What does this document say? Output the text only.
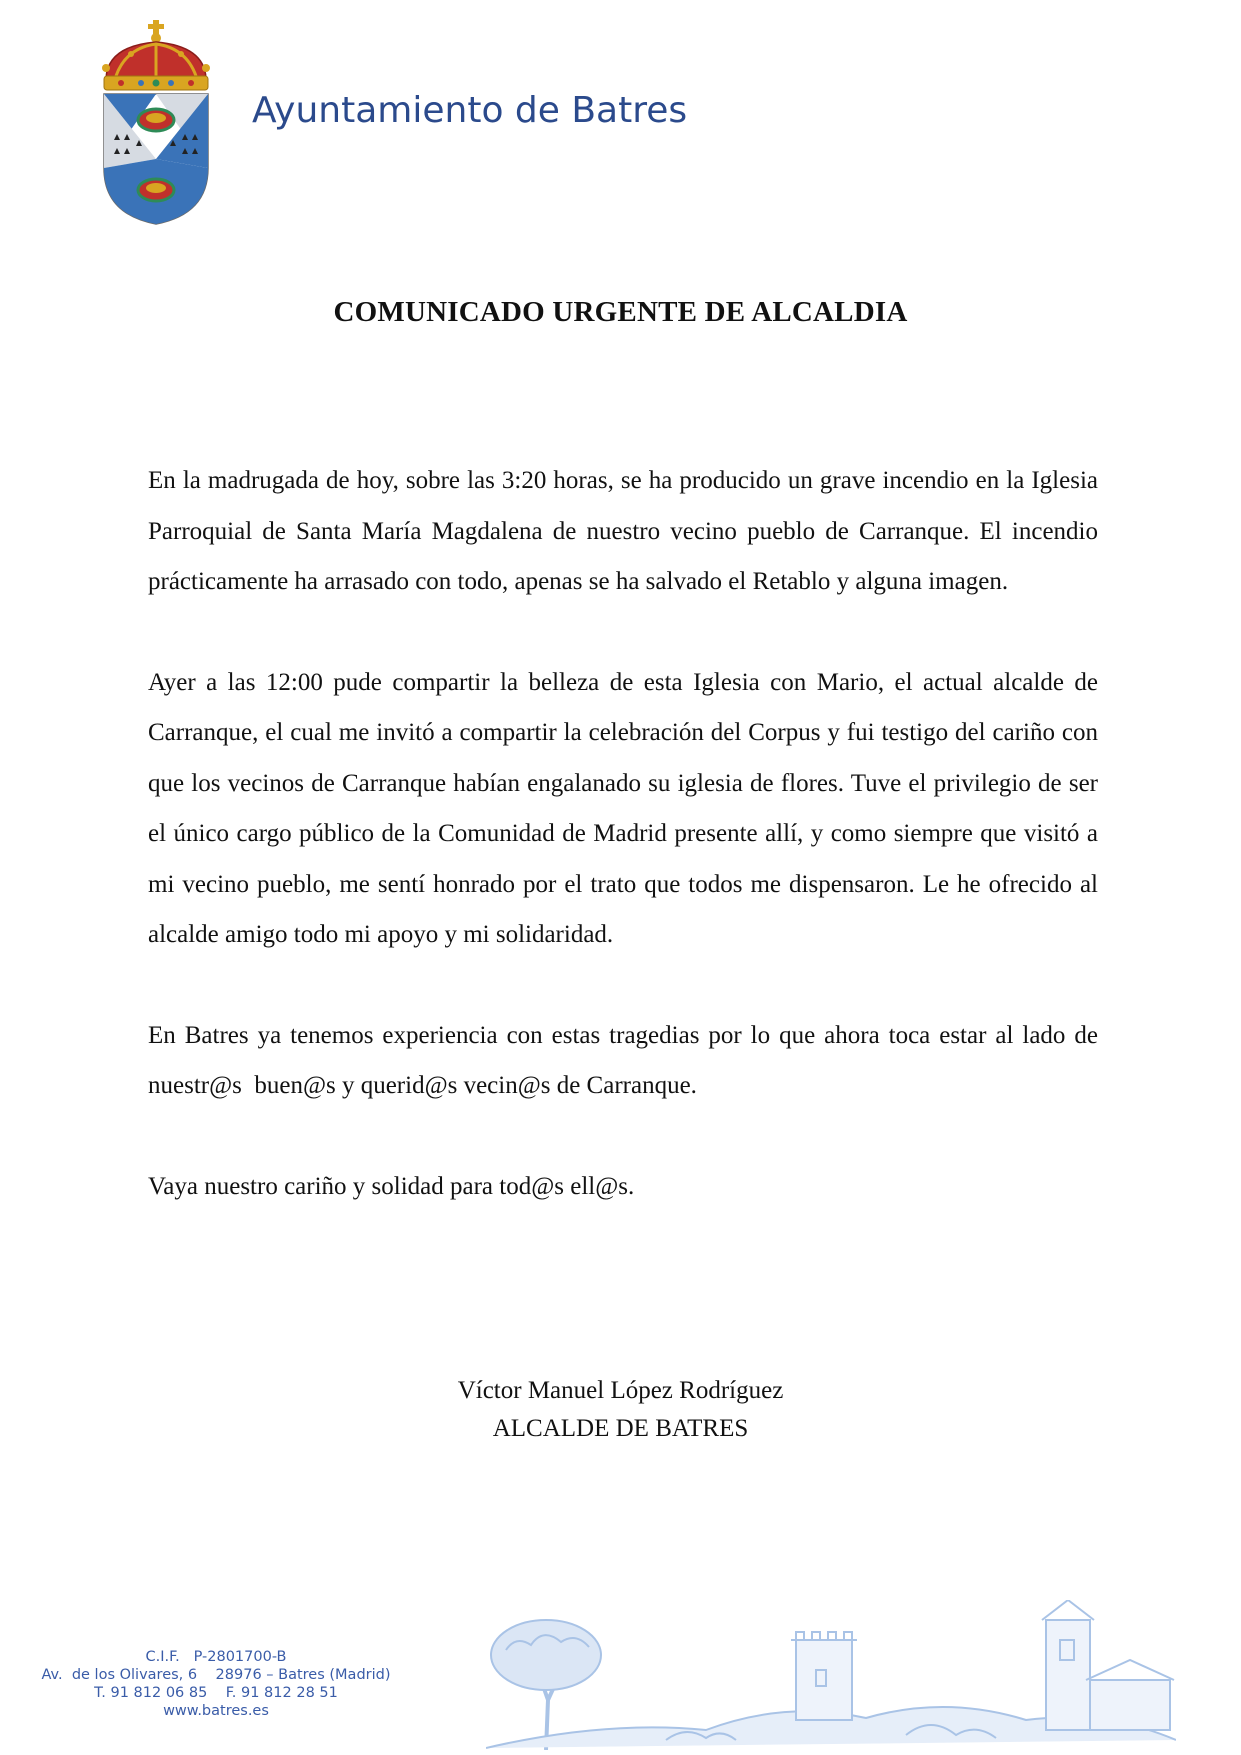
Ayuntamiento de Batres
COMUNICADO URGENTE DE ALCALDIA

En la madrugada de hoy, sobre las 3:20 horas, se ha producido un grave incendio en la Iglesia Parroquial de Santa María Magdalena de nuestro vecino pueblo de Carranque. El incendio prácticamente ha arrasado con todo, apenas se ha salvado el Retablo y alguna imagen.

Ayer a las 12:00 pude compartir la belleza de esta Iglesia con Mario, el actual alcalde de Carranque, el cual me invitó a compartir la celebración del Corpus y fui testigo del cariño con que los vecinos de Carranque habían engalanado su iglesia de flores. Tuve el privilegio de ser el único cargo público de la Comunidad de Madrid presente allí, y como siempre que visitó a mi vecino pueblo, me sentí honrado por el trato que todos me dispensaron. Le he ofrecido al alcalde amigo todo mi apoyo y mi solidaridad.

En Batres ya tenemos experiencia con estas tragedias por lo que ahora toca estar al lado de nuestr@s  buen@s y querid@s vecin@s de Carranque.

Vaya nuestro cariño y solidad para tod@s ell@s.

Víctor Manuel López Rodríguez
ALCALDE DE BATRES
C.I.F.   P-2801700-B
Av.  de los Olivares, 6    28976 – Batres (Madrid)
T. 91 812 06 85    F. 91 812 28 51
www.batres.es
